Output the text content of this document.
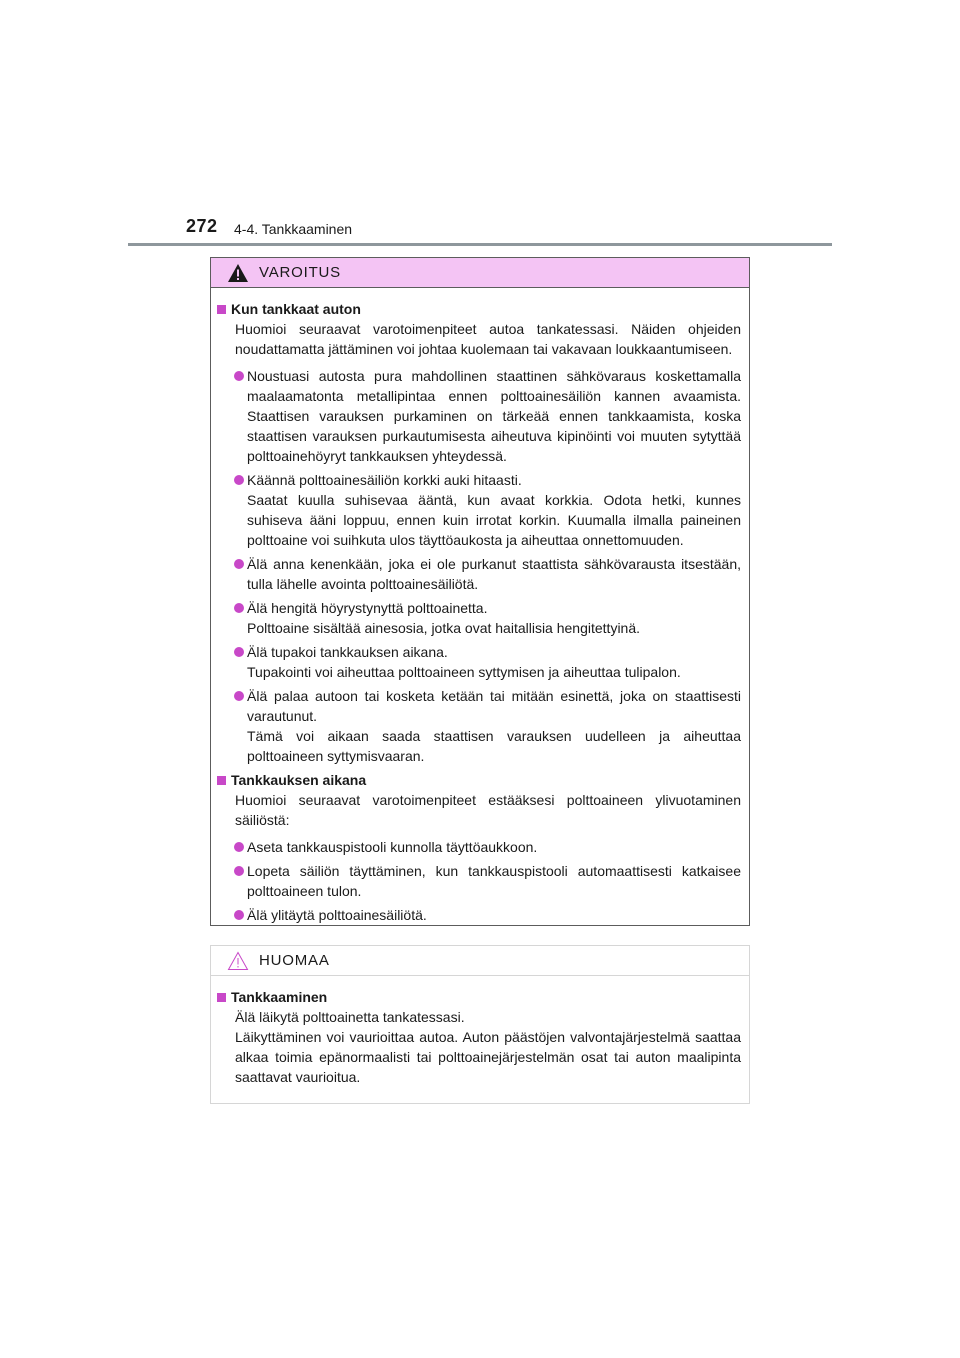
272 4-4. Tankkaaminen
VAROITUS
Kun tankkaat auton
Huomioi seuraavat varotoimenpiteet autoa tankatessasi. Näiden ohjeiden noudattamatta jättäminen voi johtaa kuolemaan tai vakavaan loukkaantumiseen.
Noustuasi autosta pura mahdollinen staattinen sähkövaraus koskettamalla maalaamatonta metallipintaa ennen polttoainesäiliön kannen avaamista. Staattisen varauksen purkaminen on tärkeää ennen tankkaamista, koska staattisen varauksen purkautumisesta aiheutuva kipinöinti voi muuten sytyttää polttoainehöyryt tankkauksen yhteydessä.
Käännä polttoainesäiliön korkki auki hitaasti.
Saatat kuulla suhisevaa ääntä, kun avaat korkkia. Odota hetki, kunnes suhiseva ääni loppuu, ennen kuin irrotat korkin. Kuumalla ilmalla paineinen polttoaine voi suihkuta ulos täyttöaukosta ja aiheuttaa onnettomuuden.
Älä anna kenenkään, joka ei ole purkanut staattista sähkövarausta itsestään, tulla lähelle avointa polttoainesäiliötä.
Älä hengitä höyrystynyttä polttoainetta.
Polttoaine sisältää ainesosia, jotka ovat haitallisia hengitettyinä.
Älä tupakoi tankkauksen aikana.
Tupakointi voi aiheuttaa polttoaineen syttymisen ja aiheuttaa tulipalon.
Älä palaa autoon tai kosketa ketään tai mitään esinettä, joka on staattisesti varautunut.
Tämä voi aikaan saada staattisen varauksen uudelleen ja aiheuttaa polttoaineen syttymisvaaran.
Tankkauksen aikana
Huomioi seuraavat varotoimenpiteet estääksesi polttoaineen ylivuotaminen säiliöstä:
Aseta tankkauspistooli kunnolla täyttöaukkoon.
Lopeta säiliön täyttäminen, kun tankkauspistooli automaattisesti katkaisee polttoaineen tulon.
Älä ylitäytä polttoainesäiliötä.
HUOMAA
Tankkaaminen
Älä läikytä polttoainetta tankatessasi.
Läikyttäminen voi vaurioittaa autoa. Auton päästöjen valvontajärjestelmä saattaa alkaa toimia epänormaalisti tai polttoainejärjestelmän osat tai auton maalipinta saattavat vaurioitua.
